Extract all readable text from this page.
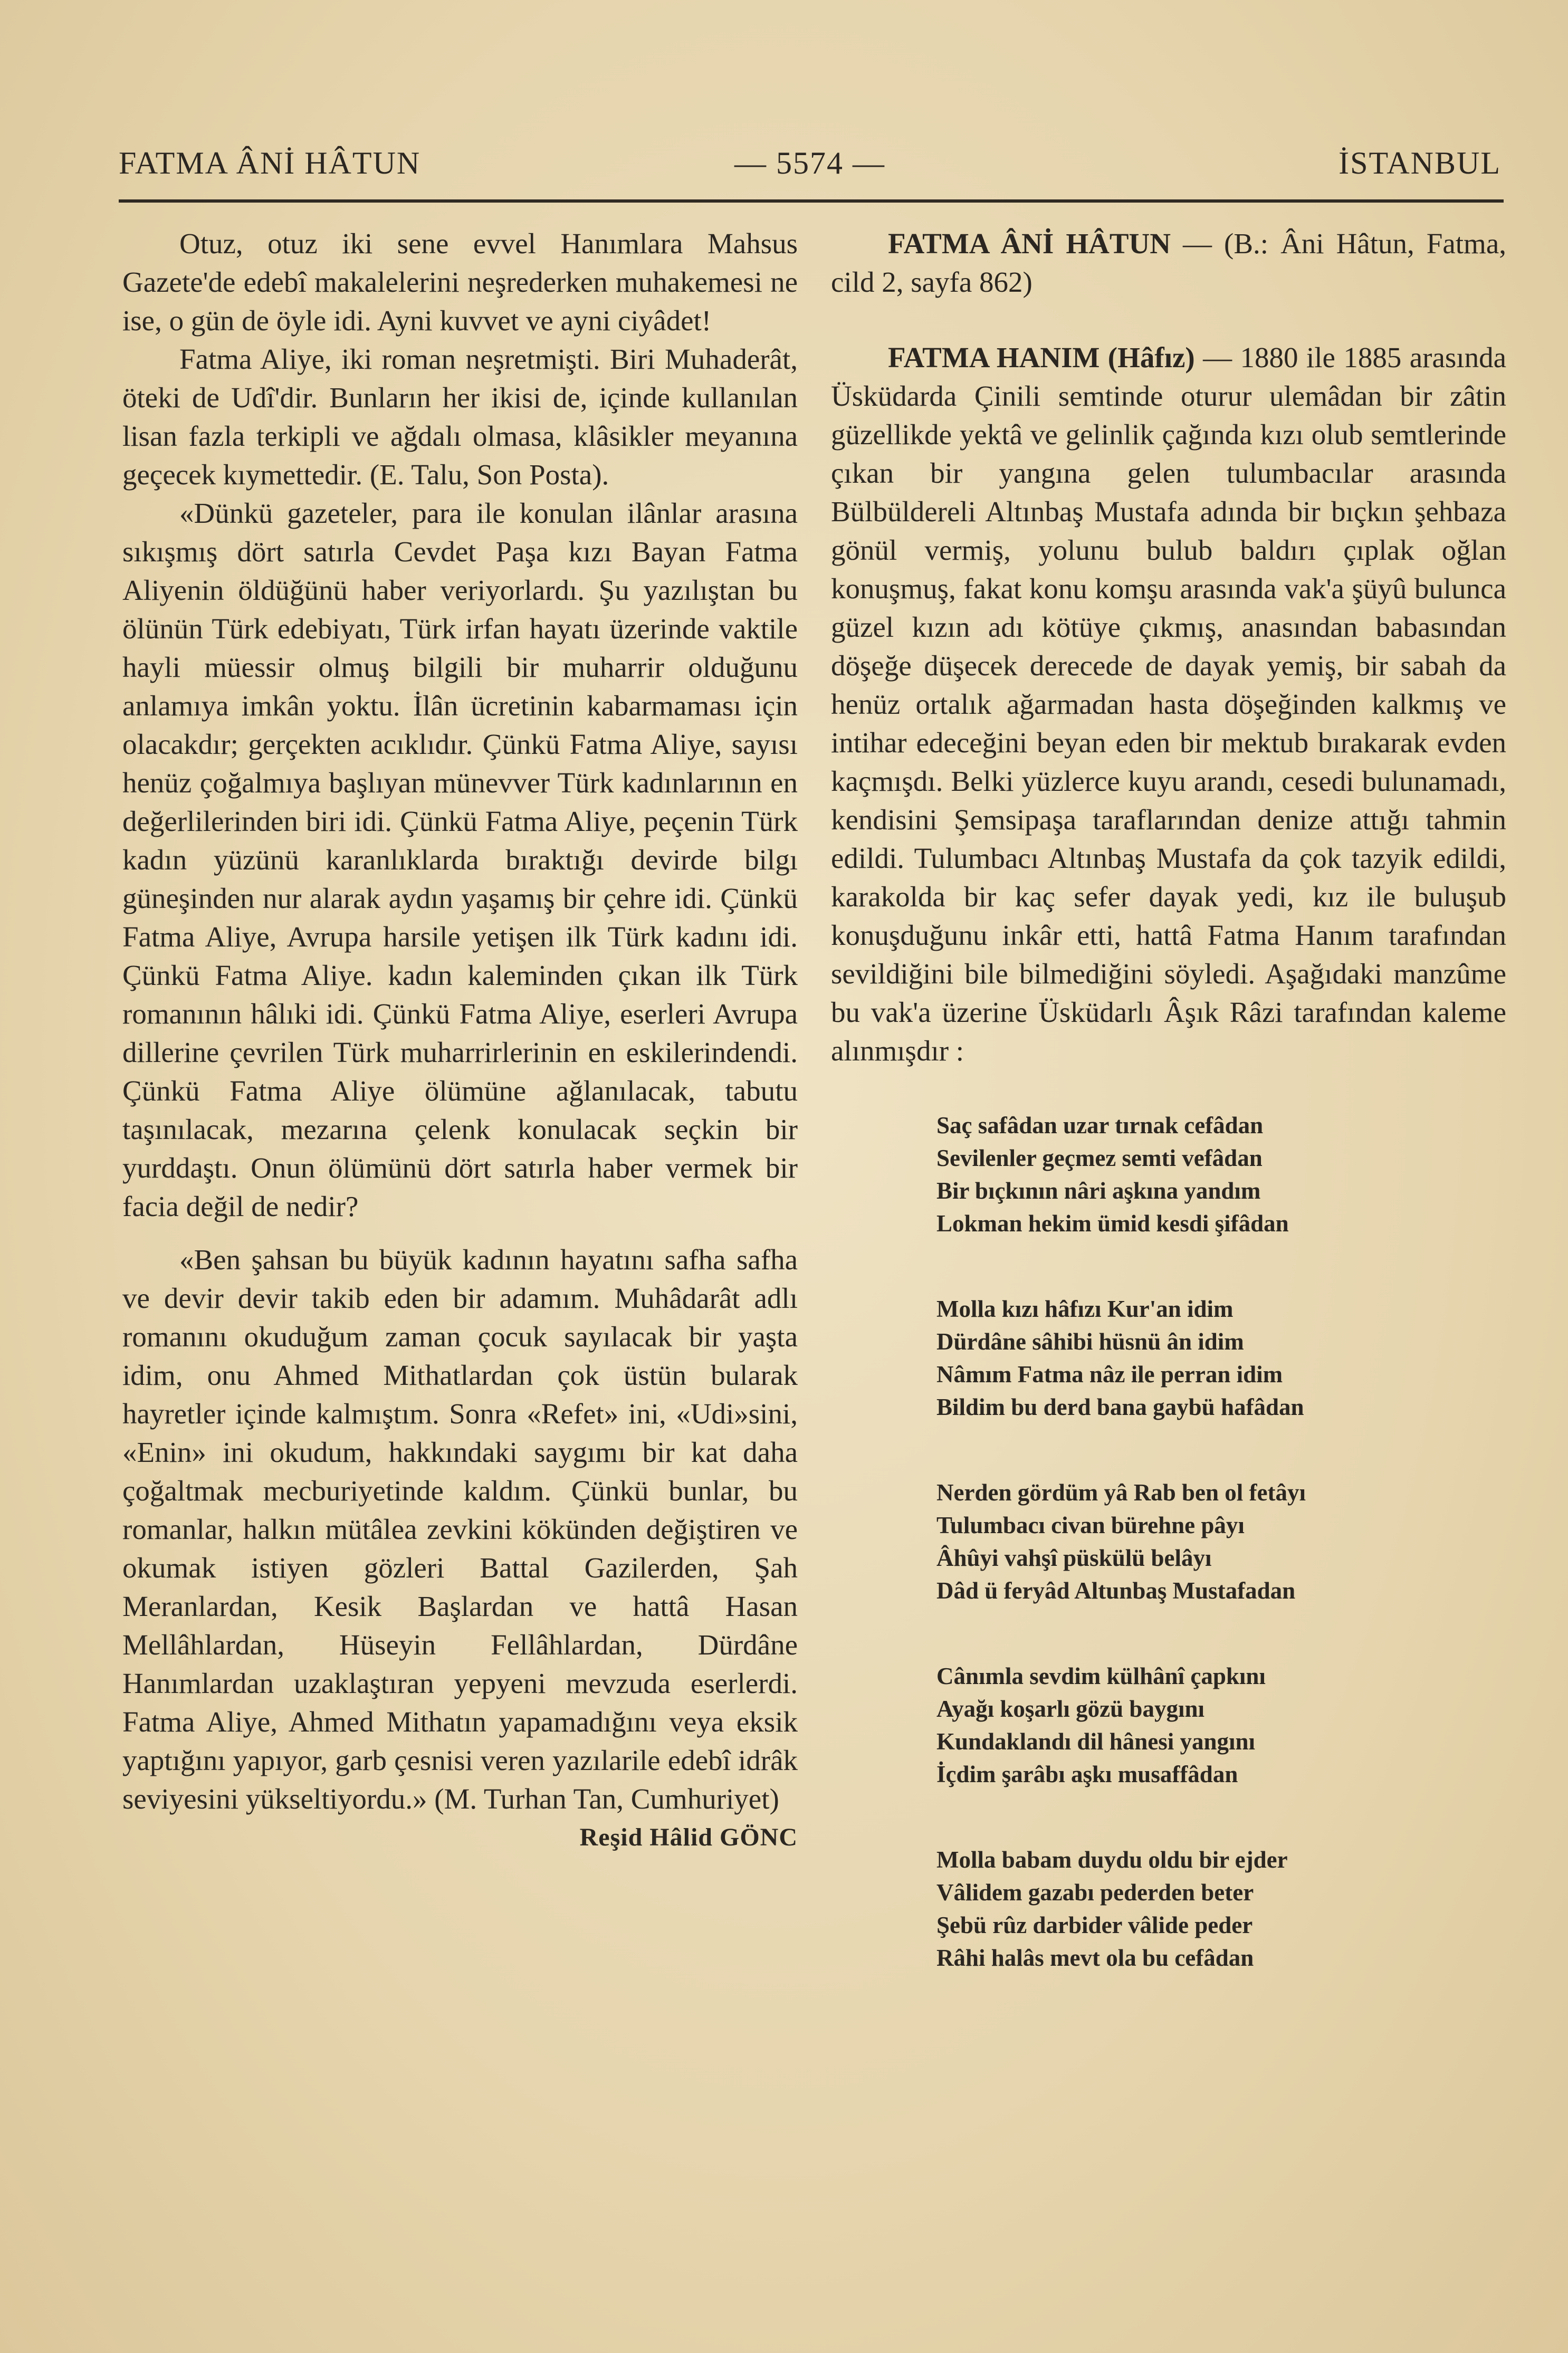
FATMA ÂNİ HÂTUN	— 5574 —	İSTANBUL

Otuz, otuz iki sene evvel Hanımlara Mahsus Gazete'de edebî makalelerini neşrederken muhakemesi ne ise, o gün de öyle idi. Ayni kuvvet ve ayni ciyâdet!

Fatma Aliye, iki roman neşretmişti. Biri Muhaderât, öteki de Udî'dir. Bunların her ikisi de, içinde kullanılan lisan fazla terkipli ve ağdalı olmasa, klâsikler meyanına geçecek kıymettedir. (E. Talu, Son Posta).

«Dünkü gazeteler, para ile konulan ilânlar arasına sıkışmış dört satırla Cevdet Paşa kızı Bayan Fatma Aliyenin öldüğünü haber veriyorlardı. Şu yazılıştan bu ölünün Türk edebiyatı, Türk irfan hayatı üzerinde vaktile hayli müessir olmuş bilgili bir muharrir olduğunu anlamıya imkân yoktu. İlân ücretinin kabarmaması için olacakdır; gerçekten acıklıdır. Çünkü Fatma Aliye, sayısı henüz çoğalmıya başlıyan münevver Türk kadınlarının en değerlilerinden biri idi. Çünkü Fatma Aliye, peçenin Türk kadın yüzünü karanlıklarda bıraktığı devirde bilgı güneşinden nur alarak aydın yaşamış bir çehre idi. Çünkü Fatma Aliye, Avrupa harsile yetişen ilk Türk kadını idi. Çünkü Fatma Aliye. kadın kaleminden çıkan ilk Türk romanının hâlıki idi. Çünkü Fatma Aliye, eserleri Avrupa dillerine çevrilen Türk muharrirlerinin en eskilerindendi. Çünkü Fatma Aliye ölümüne ağlanılacak, tabutu taşınılacak, mezarına çelenk konulacak seçkin bir yurddaştı. Onun ölümünü dört satırla haber vermek bir facia değil de nedir?

«Ben şahsan bu büyük kadının hayatını safha safha ve devir devir takib eden bir adamım. Muhâdarât adlı romanını okuduğum zaman çocuk sayılacak bir yaşta idim, onu Ahmed Mithatlardan çok üstün bularak hayretler içinde kalmıştım. Sonra «Refet» ini, «Udi»sini, «Enin» ini okudum, hakkındaki saygımı bir kat daha çoğaltmak mecburiyetinde kaldım. Çünkü bunlar, bu romanlar, halkın mütâlea zevkini kökünden değiştiren ve okumak istiyen gözleri Battal Gazilerden, Şah Meranlardan, Kesik Başlardan ve hattâ Hasan Mellâhlardan, Hüseyin Fellâhlardan, Dürdâne Hanımlardan uzaklaştıran yepyeni mevzuda eserlerdi. Fatma Aliye, Ahmed Mithatın yapamadığını veya eksik yaptığını yapıyor, garb çesnisi veren yazılarile edebî idrâk seviyesini yükseltiyordu.» (M. Turhan Tan, Cumhuriyet)

Reşid Hâlid GÖNC

FATMA ÂNİ HÂTUN — (B.: Âni Hâtun, Fatma, cild 2, sayfa 862)

FATMA HANIM (Hâfız) — 1880 ile 1885 arasında Üsküdarda Çinili semtinde oturur ulemâdan bir zâtin güzellikde yektâ ve gelinlik çağında kızı olub semtlerinde çıkan bir yangına gelen tulumbacılar arasında Bülbüldereli Altınbaş Mustafa adında bir bıçkın şehbaza gönül vermiş, yolunu bulub baldırı çıplak oğlan konuşmuş, fakat konu komşu arasında vak'a şüyû bulunca güzel kızın adı kötüye çıkmış, anasından babasından döşeğe düşecek derecede de dayak yemiş, bir sabah da henüz ortalık ağarmadan hasta döşeğinden kalkmış ve intihar edeceğini beyan eden bir mektub bırakarak evden kaçmışdı. Belki yüzlerce kuyu arandı, cesedi bulunamadı, kendisini Şemsipaşa taraflarından denize attığı tahmin edildi. Tulumbacı Altınbaş Mustafa da çok tazyik edildi, karakolda bir kaç sefer dayak yedi, kız ile buluşub konuşduğunu inkâr etti, hattâ Fatma Hanım tarafından sevildiğini bile bilmediğini söyledi. Aşağıdaki manzûme bu vak'a üzerine Üsküdarlı Âşık Râzi tarafından kaleme alınmışdır :

Saç safâdan uzar tırnak cefâdan
Sevilenler geçmez semti vefâdan
Bir bıçkının nâri aşkına yandım
Lokman hekim ümid kesdi şifâdan
Molla kızı hâfızı Kur'an idim
Dürdâne sâhibi hüsnü ân idim
Nâmım Fatma nâz ile perran idim
Bildim bu derd bana gaybü hafâdan
Nerden gördüm yâ Rab ben ol fetâyı
Tulumbacı civan bürehne pâyı
Âhûyi vahşî püskülü belâyı
Dâd ü feryâd Altunbaş Mustafadan
Cânımla sevdim külhânî çapkını
Ayağı koşarlı gözü baygını
Kundaklandı dil hânesi yangını
İçdim şarâbı aşkı musaffâdan
Molla babam duydu oldu bir ejder
Vâlidem gazabı pederden beter
Şebü rûz darbider vâlide peder
Râhi halâs mevt ola bu cefâdan
